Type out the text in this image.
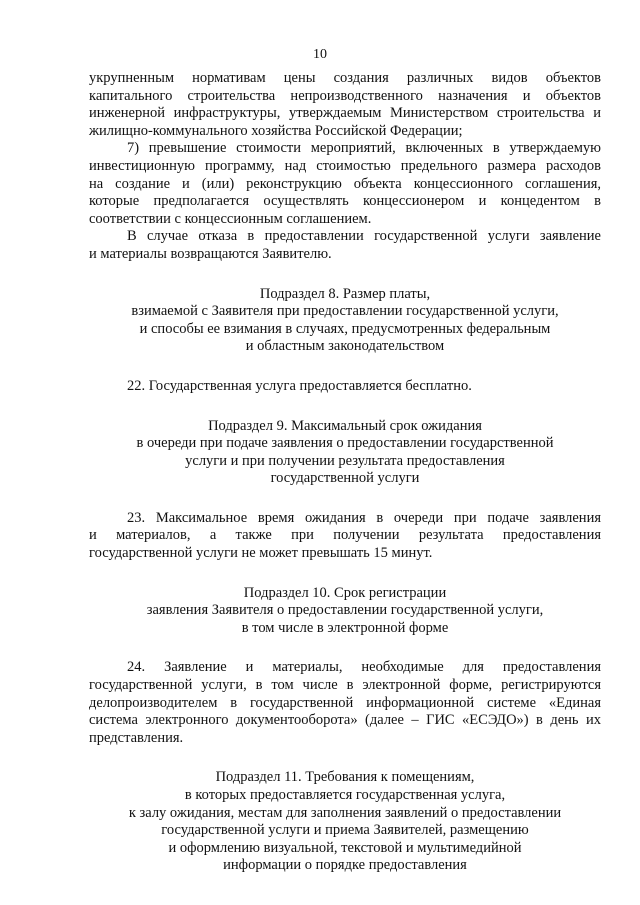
10

укрупненным нормативам цены создания различных видов объектов
капитального строительства непроизводственного назначения и объектов
инженерной инфраструктуры, утверждаемым Министерством строительства и
жилищно-коммунального хозяйства Российской Федерации;

7) превышение стоимости мероприятий, включенных в утверждаемую
инвестиционную программу, над стоимостью предельного размера расходов
на создание и (или) реконструкцию объекта концессионного соглашения,
которые предполагается осуществлять концессионером и концедентом в
соответствии с концессионным соглашением.

В случае отказа в предоставлении государственной услуги заявление
и материалы возвращаются Заявителю.

Подраздел 8. Размер платы,
взимаемой с Заявителя при предоставлении государственной услуги,
и способы ее взимания в случаях, предусмотренных федеральным
и областным законодательством

22. Государственная услуга предоставляется бесплатно.

Подраздел 9. Максимальный срок ожидания
в очереди при подаче заявления о предоставлении государственной
услуги и при получении результата предоставления
государственной услуги

23. Максимальное время ожидания в очереди при подаче заявления
и материалов, а также при получении результата предоставления
государственной услуги не может превышать 15 минут.

Подраздел 10. Срок регистрации
заявления Заявителя о предоставлении государственной услуги,
в том числе в электронной форме

24. Заявление и материалы, необходимые для предоставления
государственной услуги, в том числе в электронной форме, регистрируются
делопроизводителем в государственной информационной системе «Единая
система электронного документооборота» (далее – ГИС «ЕСЭДО») в день их
представления.

Подраздел 11. Требования к помещениям,
в которых предоставляется государственная услуга,
к залу ожидания, местам для заполнения заявлений о предоставлении
государственной услуги и приема Заявителей, размещению
и оформлению визуальной, текстовой и мультимедийной
информации о порядке предоставления
